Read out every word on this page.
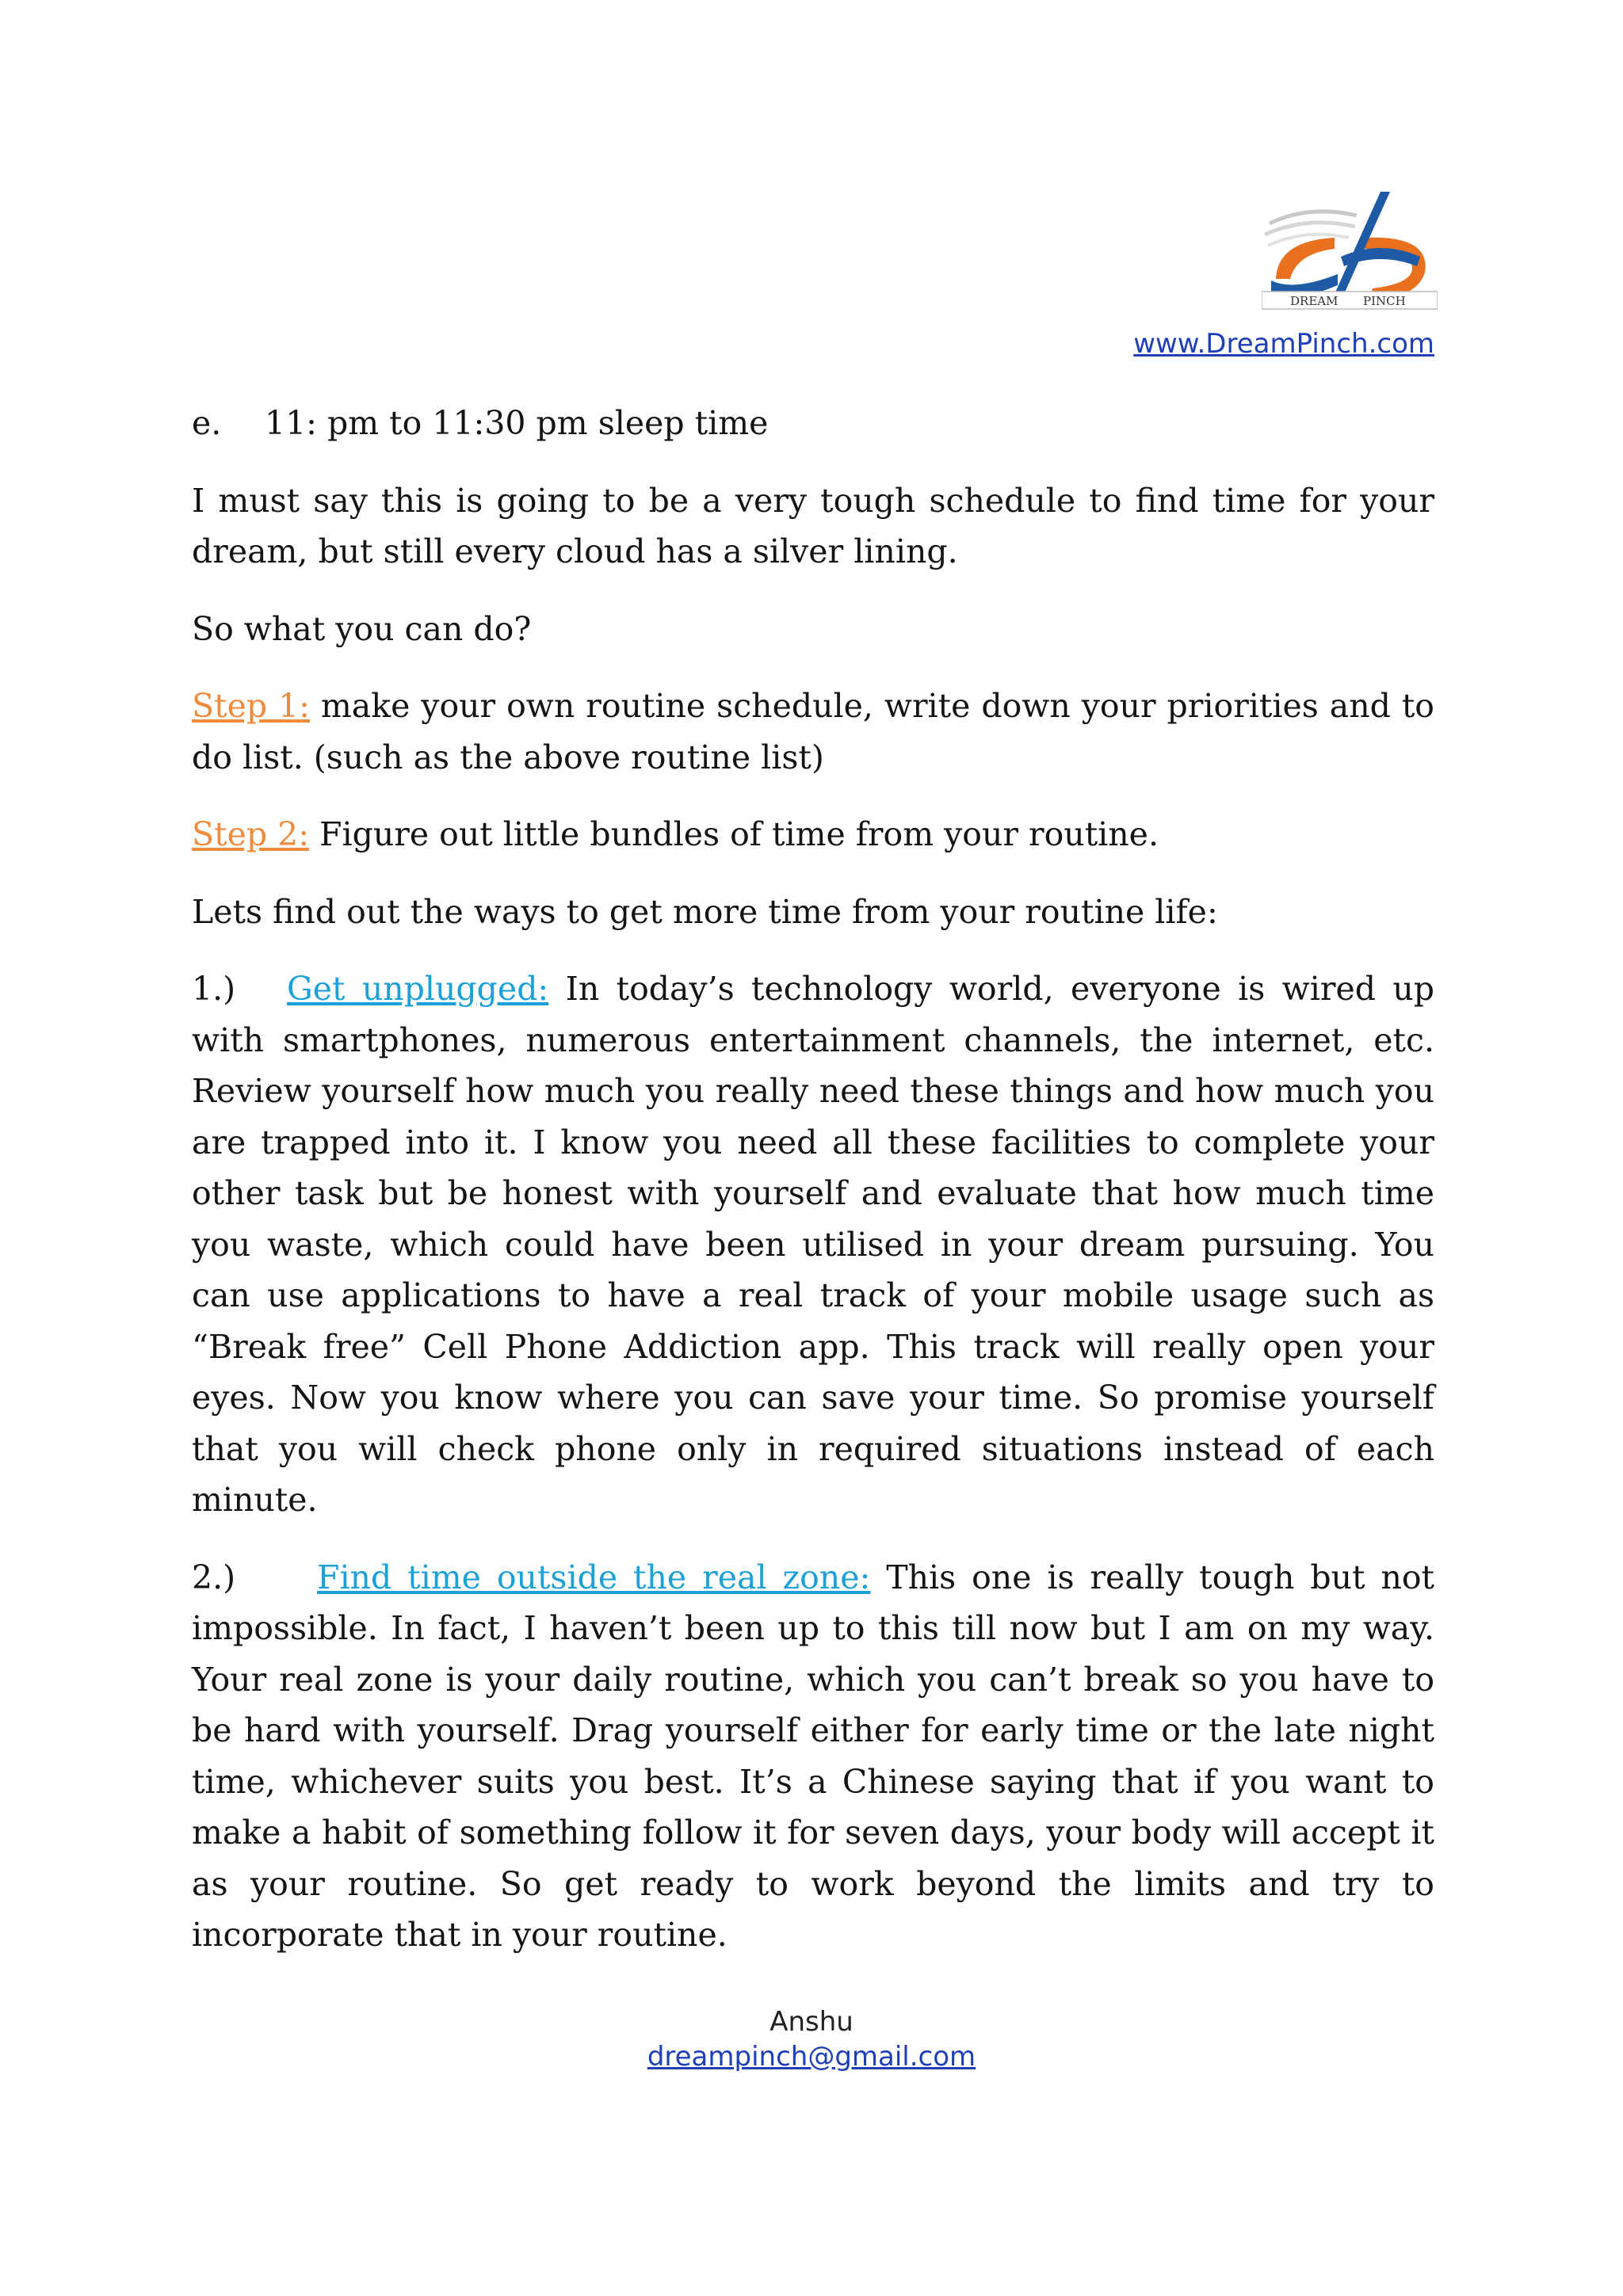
DREAM PINCH
www.DreamPinch.com
e.	11: pm to 11:30 pm sleep time

I must say this is going to be a very tough schedule to find time for your dream, but still every cloud has a silver lining.

So what you can do?

Step 1: make your own routine schedule, write down your priorities and to do list. (such as the above routine list)

Step 2: Figure out little bundles of time from your routine.

Lets find out the ways to get more time from your routine life:

1.) Get unplugged: In today’s technology world, everyone is wired up with smartphones, numerous entertainment channels, the internet, etc. Review yourself how much you really need these things and how much you are trapped into it. I know you need all these facilities to complete your other task but be honest with yourself and evaluate that how much time you waste, which could have been utilised in your dream pursuing. You can use applications to have a real track of your mobile usage such as “Break free” Cell Phone Addiction app. This track will really open your eyes. Now you know where you can save your time. So promise yourself that you will check phone only in required situations instead of each minute.

2.)	Find time outside the real zone: This one is really tough but not impossible. In fact, I haven’t been up to this till now but I am on my way. Your real zone is your daily routine, which you can’t break so you have to be hard with yourself. Drag yourself either for early time or the late night time, whichever suits you best. It’s a Chinese saying that if you want to make a habit of something follow it for seven days, your body will accept it as your routine. So get ready to work beyond the limits and try to incorporate that in your routine.

Anshu
dreampinch@gmail.com
